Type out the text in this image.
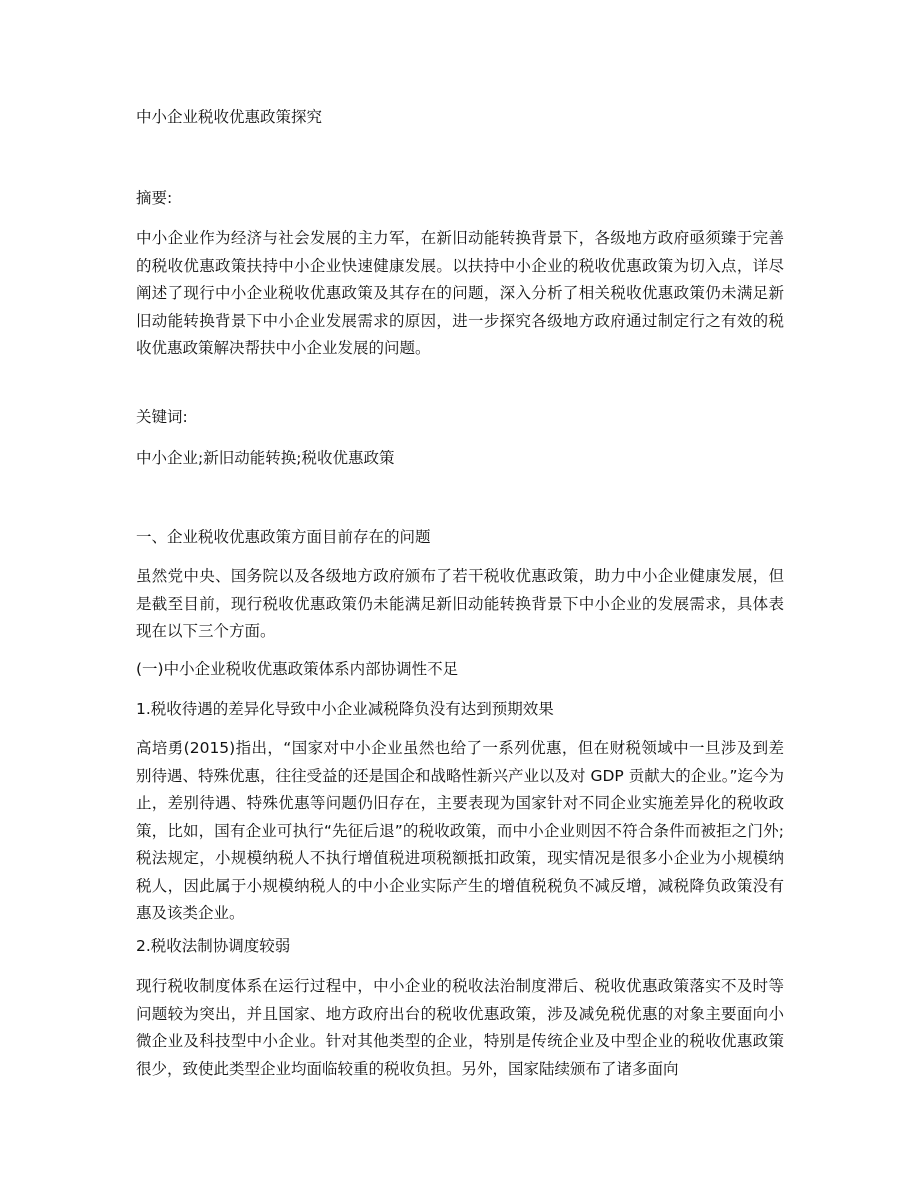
中小企业税收优惠政策探究

摘要:

中小企业作为经济与社会发展的主力军，在新旧动能转换背景下，各级地方政府亟须臻于完善的税收优惠政策扶持中小企业快速健康发展。以扶持中小企业的税收优惠政策为切入点，详尽阐述了现行中小企业税收优惠政策及其存在的问题，深入分析了相关税收优惠政策仍未满足新旧动能转换背景下中小企业发展需求的原因，进一步探究各级地方政府通过制定行之有效的税收优惠政策解决帮扶中小企业发展的问题。

关键词:

中小企业;新旧动能转换;税收优惠政策

一、企业税收优惠政策方面目前存在的问题

虽然党中央、国务院以及各级地方政府颁布了若干税收优惠政策，助力中小企业健康发展，但是截至目前，现行税收优惠政策仍未能满足新旧动能转换背景下中小企业的发展需求，具体表现在以下三个方面。

(一)中小企业税收优惠政策体系内部协调性不足

1.税收待遇的差异化导致中小企业减税降负没有达到预期效果

高培勇(2015)指出，“国家对中小企业虽然也给了一系列优惠，但在财税领域中一旦涉及到差别待遇、特殊优惠，往往受益的还是国企和战略性新兴产业以及对 GDP 贡献大的企业。”迄今为止，差别待遇、特殊优惠等问题仍旧存在，主要表现为国家针对不同企业实施差异化的税收政策，比如，国有企业可执行“先征后退”的税收政策，而中小企业则因不符合条件而被拒之门外;税法规定，小规模纳税人不执行增值税进项税额抵扣政策，现实情况是很多小企业为小规模纳税人，因此属于小规模纳税人的中小企业实际产生的增值税税负不减反增，减税降负政策没有惠及该类企业。

2.税收法制协调度较弱

现行税收制度体系在运行过程中，中小企业的税收法治制度滞后、税收优惠政策落实不及时等问题较为突出，并且国家、地方政府出台的税收优惠政策，涉及减免税优惠的对象主要面向小微企业及科技型中小企业。针对其他类型的企业，特别是传统企业及中型企业的税收优惠政策很少，致使此类型企业均面临较重的税收负担。另外，国家陆续颁布了诸多面向
